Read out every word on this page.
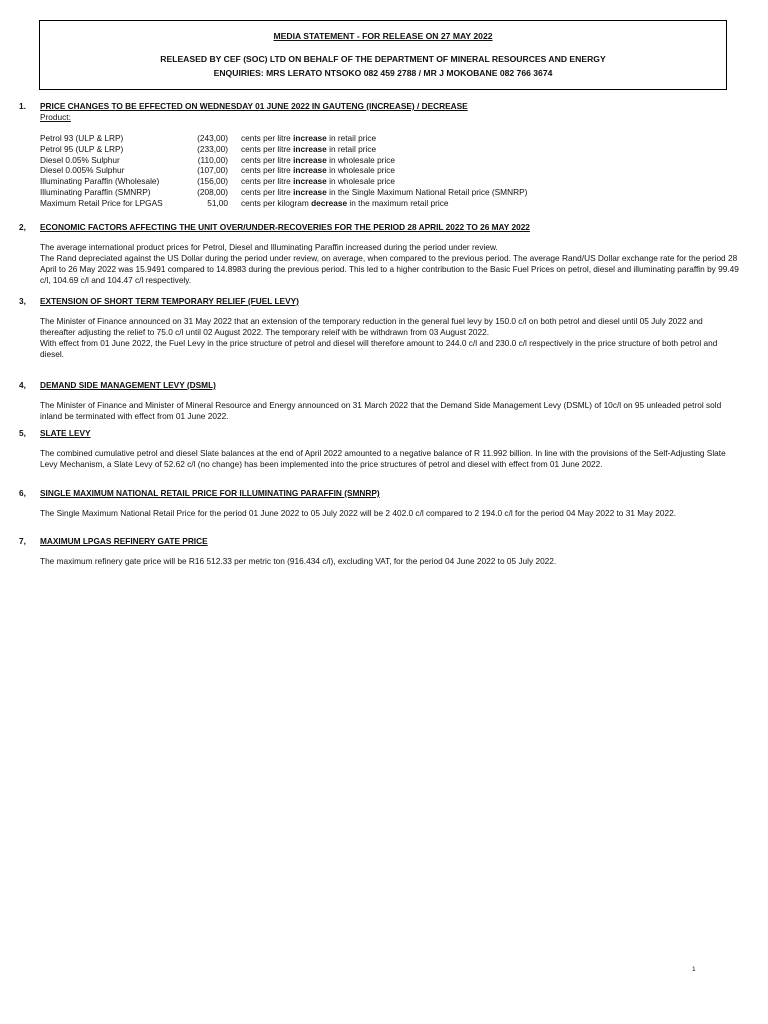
MEDIA STATEMENT - FOR RELEASE ON 27 MAY 2022
RELEASED BY CEF (SOC) LTD ON BEHALF OF THE DEPARTMENT OF MINERAL RESOURCES AND ENERGY
ENQUIRIES: MRS LERATO NTSOKO 082 459 2788 / MR J MOKOBANE 082 766 3674
1. PRICE CHANGES TO BE EFFECTED ON WEDNESDAY 01 JUNE 2022 IN GAUTENG (INCREASE) / DECREASE
Product:
Petrol 93 (ULP & LRP)	(243,00) cents per litre increase in retail price
Petrol 95 (ULP & LRP)	(233,00) cents per litre increase in retail price
Diesel 0.05% Sulphur	(110,00) cents per litre increase in wholesale price
Diesel 0.005% Sulphur	(107,00) cents per litre increase in wholesale price
Illuminating Paraffin (Wholesale)	(156,00) cents per litre increase in wholesale price
Illuminating Paraffin (SMNRP)	(208,00) cents per litre increase in the Single Maximum National Retail price (SMNRP)
Maximum Retail Price for LPGAS	51,00 cents per kilogram decrease in the maximum retail price
2, ECONOMIC FACTORS AFFECTING THE UNIT OVER/UNDER-RECOVERIES FOR THE PERIOD 28 APRIL 2022 TO 26 MAY 2022

The average international product prices for Petrol, Diesel and Illuminating Paraffin increased during the period under review.

The Rand depreciated against the US Dollar during the period under review, on average, when compared to the previous period. The average Rand/US Dollar exchange rate for the period 28 April to 26 May 2022 was 15.9491 compared to 14.8983 during the previous period. This led to a higher contribution to the Basic Fuel Prices on petrol, diesel and illuminating paraffin by 99.49 c/l, 104.69 c/l and 104.47 c/l respectively.

3, EXTENSION OF SHORT TERM TEMPORARY RELIEF (FUEL LEVY)

The Minister of Finance announced on 31 May 2022 that an extension of the temporary reduction in the general fuel levy by 150.0 c/l on both petrol and diesel until 05 July 2022 and thereafter adjusting the relief to 75.0 c/l until 02 August 2022. The temporary releif with be withdrawn from 03 August 2022.

With effect from 01 June 2022, the Fuel Levy in the price structure of petrol and diesel will therefore amount to 244.0 c/l and 230.0 c/l respectively in the price structure of both petrol and diesel.

4, DEMAND SIDE MANAGEMENT LEVY (DSML)

The Minister of Finance and Minister of Mineral Resource and Energy announced on 31 March 2022 that the Demand Side Management Levy (DSML) of 10c/l on 95 unleaded petrol sold inland be terminated with effect from 01 June 2022.

5, SLATE LEVY

The combined cumulative petrol and diesel Slate balances at the end of April 2022 amounted to a negative balance of R 11.992 billion. In line with the provisions of the Self-Adjusting Slate Levy Mechanism, a Slate Levy of 52.62 c/l (no change) has been implemented into the price structures of petrol and diesel with effect from 01 June 2022.

6, SINGLE MAXIMUM NATIONAL RETAIL PRICE FOR ILLUMINATING PARAFFIN (SMNRP)

The Single Maximum National Retail Price for the period 01 June 2022 to 05 July 2022 will be 2 402.0 c/l compared to 2 194.0 c/l for the period 04 May 2022 to 31 May 2022.

7, MAXIMUM LPGAS REFINERY GATE PRICE

The maximum refinery gate price will be R16 512.33 per metric ton (916.434 c/l), excluding VAT, for the period 04 June 2022 to 05 July 2022.

1
